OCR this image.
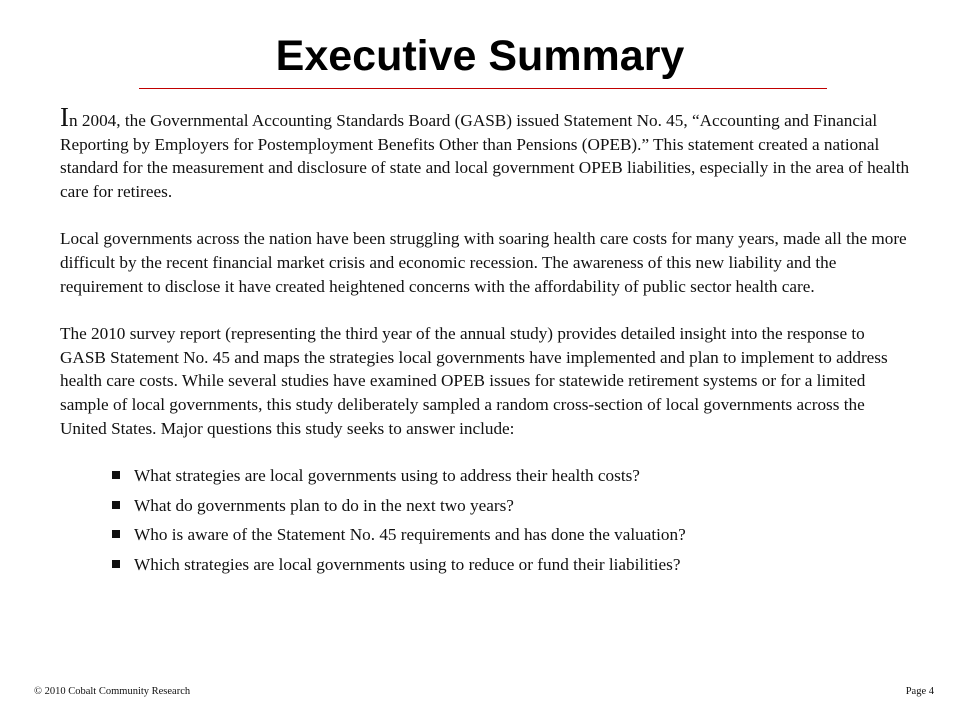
Executive Summary

In 2004, the Governmental Accounting Standards Board (GASB) issued Statement No. 45, “Accounting and Financial Reporting by Employers for Postemployment Benefits Other than Pensions (OPEB).” This statement created a national standard for the measurement and disclosure of state and local government OPEB liabilities, especially in the area of health care for retirees.

Local governments across the nation have been struggling with soaring health care costs for many years, made all the more difficult by the recent financial market crisis and economic recession. The awareness of this new liability and the requirement to disclose it have created heightened concerns with the affordability of public sector health care.

The 2010 survey report (representing the third year of the annual study) provides detailed insight into the response to GASB Statement No. 45 and maps the strategies local governments have implemented and plan to implement to address health care costs. While several studies have examined OPEB issues for statewide retirement systems or for a limited sample of local governments, this study deliberately sampled a random cross-section of local governments across the United States. Major questions this study seeks to answer include:

What strategies are local governments using to address their health costs?
What do governments plan to do in the next two years?
Who is aware of the Statement No. 45 requirements and has done the valuation?
Which strategies are local governments using to reduce or fund their liabilities?
© 2010 Cobalt Community Research	Page 4
